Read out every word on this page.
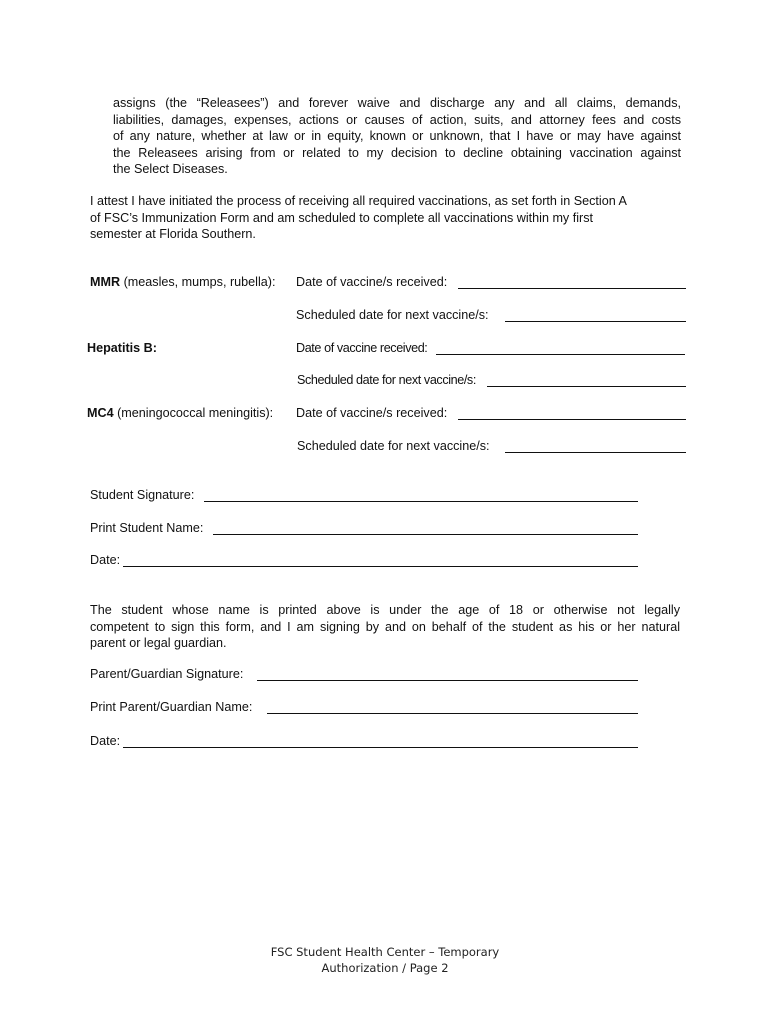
assigns (the “Releasees”) and forever waive and discharge any and all claims, demands,
liabilities, damages, expenses, actions or causes of action, suits, and attorney fees and costs
of any nature, whether at law or in equity, known or unknown, that I have or may have against
the Releasees arising from or related to my decision to decline obtaining vaccination against
the Select Diseases.
I attest I have initiated the process of receiving all required vaccinations, as set forth in Section A
of FSC’s Immunization Form and am scheduled to complete all vaccinations within my first
semester at Florida Southern.
MMR (measles, mumps, rubella): Date of vaccine/s received:
Scheduled date for next vaccine/s:
Hepatitis B:	Date of vaccine received:
Scheduled date for next vaccine/s:
MC4 (meningococcal meningitis): Date of vaccine/s received:
Scheduled date for next vaccine/s:
Student Signature:
Print Student Name:
Date:
The student whose name is printed above is under the age of 18 or otherwise not legally
competent to sign this form, and I am signing by and on behalf of the student as his or her natural
parent or legal guardian.
Parent/Guardian Signature:
Print Parent/Guardian Name:
Date:
FSC Student Health Center – Temporary
Authorization / Page 2
